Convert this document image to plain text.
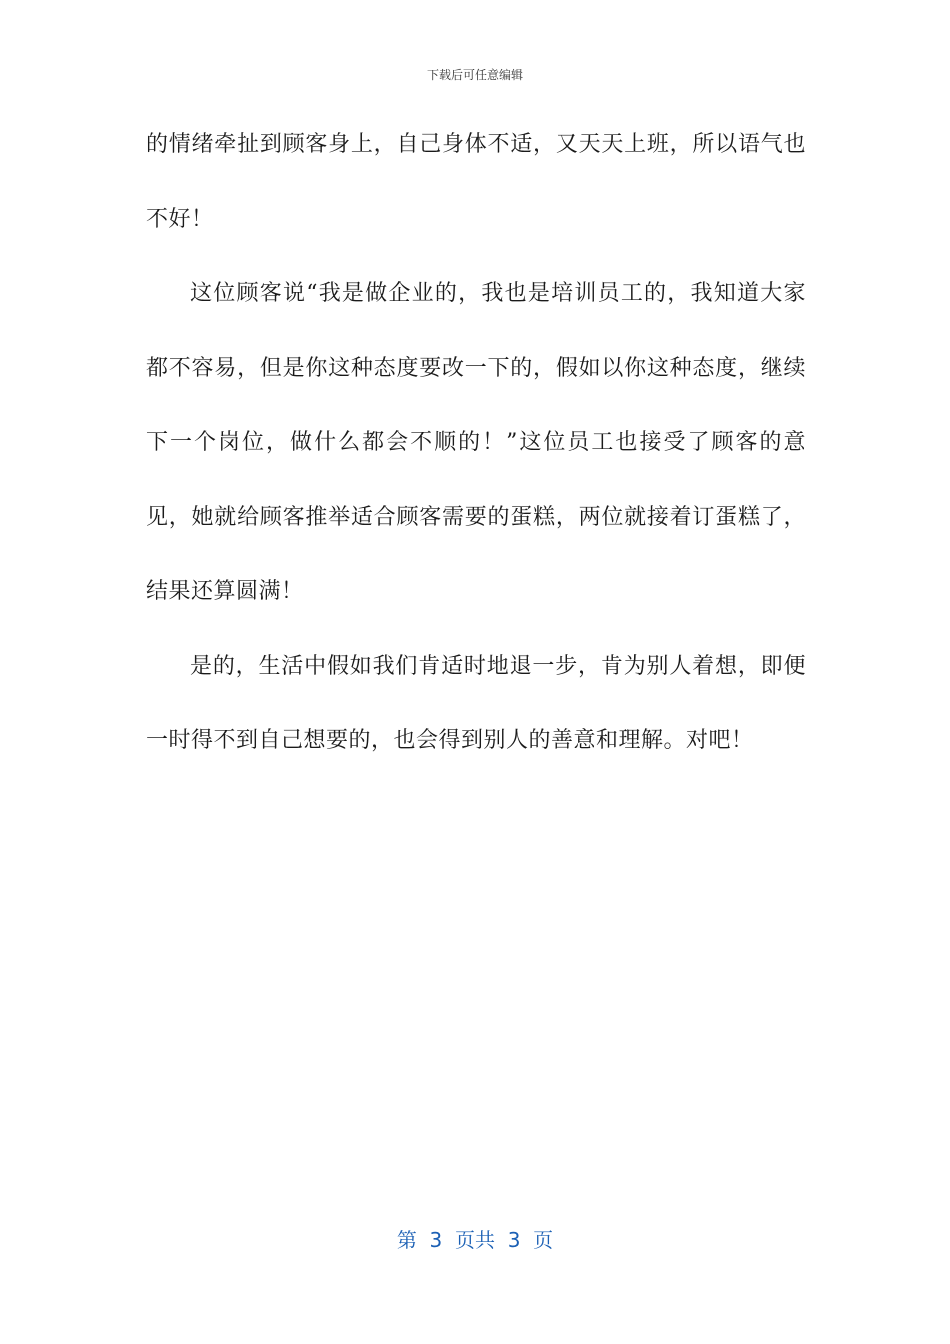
下载后可任意编辑

的情绪牵扯到顾客身上，自己身体不适，又天天上班，所以语气也不好！

这位顾客说“我是做企业的，我也是培训员工的，我知道大家都不容易，但是你这种态度要改一下的，假如以你这种态度，继续下一个岗位，做什么都会不顺的！”这位员工也接受了顾客的意见，她就给顾客推举适合顾客需要的蛋糕，两位就接着订蛋糕了，结果还算圆满！

是的，生活中假如我们肯适时地退一步，肯为别人着想，即便一时得不到自己想要的，也会得到别人的善意和理解。对吧！

第  3  页共  3  页
